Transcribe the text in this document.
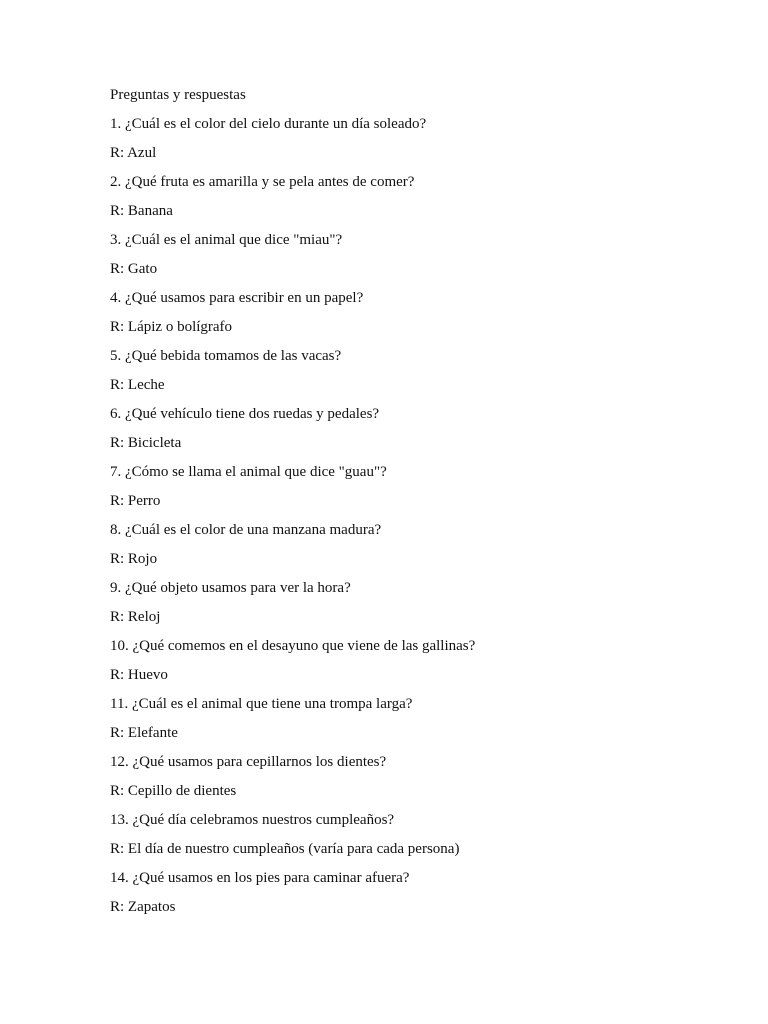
Preguntas y respuestas
1. ¿Cuál es el color del cielo durante un día soleado?
R: Azul
2. ¿Qué fruta es amarilla y se pela antes de comer?
R: Banana
3. ¿Cuál es el animal que dice "miau"?
R: Gato
4. ¿Qué usamos para escribir en un papel?
R: Lápiz o bolígrafo
5. ¿Qué bebida tomamos de las vacas?
R: Leche
6. ¿Qué vehículo tiene dos ruedas y pedales?
R: Bicicleta
7. ¿Cómo se llama el animal que dice "guau"?
R: Perro
8. ¿Cuál es el color de una manzana madura?
R: Rojo
9. ¿Qué objeto usamos para ver la hora?
R: Reloj
10. ¿Qué comemos en el desayuno que viene de las gallinas?
R: Huevo
11. ¿Cuál es el animal que tiene una trompa larga?
R: Elefante
12. ¿Qué usamos para cepillarnos los dientes?
R: Cepillo de dientes
13. ¿Qué día celebramos nuestros cumpleaños?
R: El día de nuestro cumpleaños (varía para cada persona)
14. ¿Qué usamos en los pies para caminar afuera?
R: Zapatos
